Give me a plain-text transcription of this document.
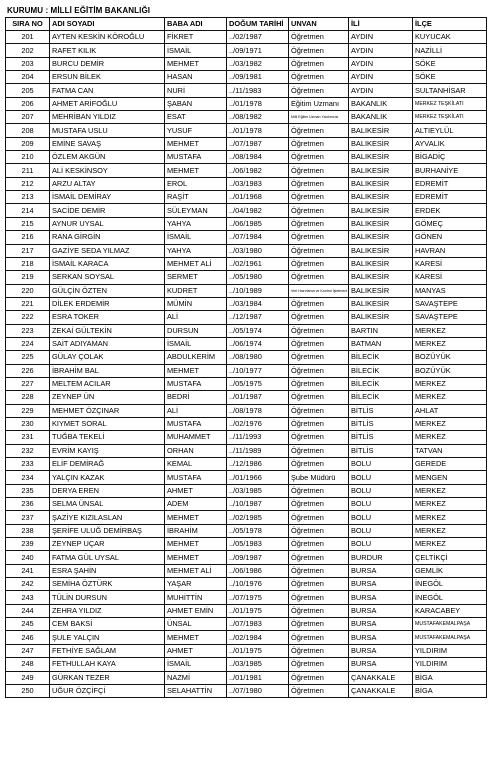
KURUMU : MİLLİ EĞİTİM BAKANLIĞI
SIRA NO	ADI SOYADI	BABA ADI	DOĞUM TARİHİ	UNVAN	İLİ	İLÇE
201	AYTEN KESKİN KÖROĞLU	FİKRET	../02/1987	Öğretmen	AYDIN	KUYUCAK
202	RAFET KILIK	İSMAİL	../09/1971	Öğretmen	AYDIN	NAZİLLİ
203	BURCU DEMİR	MEHMET	../03/1982	Öğretmen	AYDIN	SÖKE
204	ERSUN BİLEK	HASAN	../09/1981	Öğretmen	AYDIN	SÖKE
205	FATMA CAN	NURİ	../11/1983	Öğretmen	AYDIN	SULTANHİSAR
206	AHMET ARİFOĞLU	ŞABAN	../01/1978	Eğitim Uzmanı	BAKANLIK	MERKEZ TEŞKİLATI
207	MEHRİBAN YILDIZ	ESAT	../08/1982	Milli Eğitim Uzman Yardımcısı	BAKANLIK	MERKEZ TEŞKİLATI
208	MUSTAFA USLU	YUSUF	../01/1978	Öğretmen	BALIKESİR	ALTIEYLÜL
209	EMİNE SAVAŞ	MEHMET	../07/1987	Öğretmen	BALIKESİR	AYVALIK
210	ÖZLEM AKGÜN	MUSTAFA	../08/1984	Öğretmen	BALIKESİR	BİGADİÇ
211	ALİ KESKİNSOY	MEHMET	../06/1982	Öğretmen	BALIKESİR	BURHANİYE
212	ARZU ALTAY	EROL	../03/1983	Öğretmen	BALIKESİR	EDREMİT
213	İSMAİL DEMİRAY	RAŞİT	../01/1968	Öğretmen	BALIKESİR	EDREMİT
214	SACİDE DEMİR	SÜLEYMAN	../04/1982	Öğretmen	BALIKESİR	ERDEK
215	AYNUR UYSAL	YAHYA	../06/1985	Öğretmen	BALIKESİR	GÖMEÇ
216	RANA GİRGİN	İSMAİL	../07/1984	Öğretmen	BALIKESİR	GÖNEN
217	GAZİYE SEDA YILMAZ	YAHYA	../03/1980	Öğretmen	BALIKESİR	HAVRAN
218	İSMAİL KARACA	MEHMET ALİ	../02/1961	Öğretmen	BALIKESİR	KARESİ
219	SERKAN SOYSAL	SERMET	../05/1980	Öğretmen	BALIKESİR	KARESİ
220	GÜLÇİN ÖZTEN	KUDRET	../10/1989	Veri Hazırlama ve Kontrol İşletmeni	BALIKESİR	MANYAS
221	DİLEK ERDEMİR	MÜMİN	../03/1984	Öğretmen	BALIKESİR	SAVAŞTEPE
222	ESRA TOKER	ALİ	../12/1987	Öğretmen	BALIKESİR	SAVAŞTEPE
223	ZEKAİ GÜLTEKİN	DURSUN	../05/1974	Öğretmen	BARTIN	MERKEZ
224	SAİT ADIYAMAN	İSMAİL	../06/1974	Öğretmen	BATMAN	MERKEZ
225	GÜLAY ÇOLAK	ABDULKERİM	../08/1980	Öğretmen	BİLECİK	BOZÜYÜK
226	İBRAHİM BAL	MEHMET	../10/1977	Öğretmen	BİLECİK	BOZÜYÜK
227	MELTEM ACILAR	MUSTAFA	../05/1975	Öğretmen	BİLECİK	MERKEZ
228	ZEYNEP ÜN	BEDRİ	../01/1987	Öğretmen	BİLECİK	MERKEZ
229	MEHMET ÖZÇINAR	ALİ	../08/1978	Öğretmen	BİTLİS	AHLAT
230	KIYMET SORAL	MUSTAFA	../02/1976	Öğretmen	BİTLİS	MERKEZ
231	TUĞBA TEKELİ	MUHAMMET	../11/1993	Öğretmen	BİTLİS	MERKEZ
232	EVRİM KAYIŞ	ORHAN	../11/1989	Öğretmen	BİTLİS	TATVAN
233	ELİF DEMİRAĞ	KEMAL	../12/1986	Öğretmen	BOLU	GEREDE
234	YALÇIN KAZAK	MUSTAFA	../01/1966	Şube Müdürü	BOLU	MENGEN
235	DERYA EREN	AHMET	../03/1985	Öğretmen	BOLU	MERKEZ
236	SELMA ÜNSAL	ADEM	../10/1987	Öğretmen	BOLU	MERKEZ
237	ŞAZİYE KIZILASLAN	MEHMET	../02/1985	Öğretmen	BOLU	MERKEZ
238	ŞERİFE ULUĞ DEMİRBAŞ	İBRAHİM	../05/1978	Öğretmen	BOLU	MERKEZ
239	ZEYNEP UÇAR	MEHMET	../05/1983	Öğretmen	BOLU	MERKEZ
240	FATMA GÜL UYSAL	MEHMET	../09/1987	Öğretmen	BURDUR	ÇELTİKÇİ
241	ESRA ŞAHİN	MEHMET ALİ	../06/1986	Öğretmen	BURSA	GEMLİK
242	SEMİHA ÖZTÜRK	YAŞAR	../10/1976	Öğretmen	BURSA	İNEGÖL
243	TÜLİN DURSUN	MUHİTTİN	../07/1975	Öğretmen	BURSA	İNEGÖL
244	ZEHRA YILDIZ	AHMET EMİN	../01/1975	Öğretmen	BURSA	KARACABEY
245	CEM BAKSİ	ÜNSAL	../07/1983	Öğretmen	BURSA	MUSTAFAKEMALPAŞA
246	ŞULE YALÇIN	MEHMET	../02/1984	Öğretmen	BURSA	MUSTAFAKEMALPAŞA
247	FETHİYE SAĞLAM	AHMET	../01/1975	Öğretmen	BURSA	YILDIRIM
248	FETHULLAH KAYA	İSMAİL	../03/1985	Öğretmen	BURSA	YILDIRIM
249	GÜRKAN TEZER	NAZMİ	../01/1981	Öğretmen	ÇANAKKALE	BİGA
250	UĞUR ÖZÇİFÇİ	SELAHATTİN	../07/1980	Öğretmen	ÇANAKKALE	BİGA
